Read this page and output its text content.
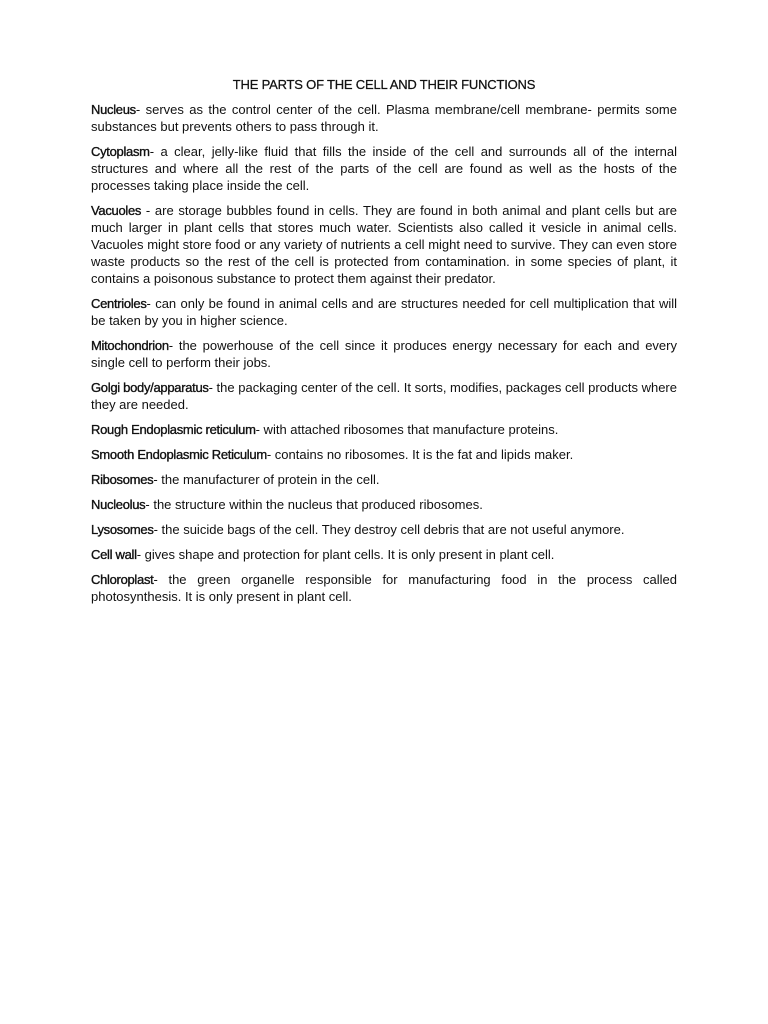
THE PARTS OF THE CELL AND THEIR FUNCTIONS

Nucleus- serves as the control center of the cell. Plasma membrane/cell membrane- permits some substances but prevents others to pass through it.

Cytoplasm- a clear, jelly-like fluid that fills the inside of the cell and surrounds all of the internal structures and where all the rest of the parts of the cell are found as well as the hosts of the processes taking place inside the cell.

Vacuoles - are storage bubbles found in cells. They are found in both animal and plant cells but are much larger in plant cells that stores much water. Scientists also called it vesicle in animal cells. Vacuoles might store food or any variety of nutrients a cell might need to survive. They can even store waste products so the rest of the cell is protected from contamination. in some species of plant, it contains a poisonous substance to protect them against their predator.

Centrioles- can only be found in animal cells and are structures needed for cell multiplication that will be taken by you in higher science.

Mitochondrion- the powerhouse of the cell since it produces energy necessary for each and every single cell to perform their jobs.

Golgi body/apparatus- the packaging center of the cell. It sorts, modifies, packages cell products where they are needed.

Rough Endoplasmic reticulum- with attached ribosomes that manufacture proteins.

Smooth Endoplasmic Reticulum- contains no ribosomes. It is the fat and lipids maker.

Ribosomes- the manufacturer of protein in the cell.

Nucleolus- the structure within the nucleus that produced ribosomes.

Lysosomes- the suicide bags of the cell. They destroy cell debris that are not useful anymore.

Cell wall- gives shape and protection for plant cells. It is only present in plant cell.

Chloroplast- the green organelle responsible for manufacturing food in the process called photosynthesis. It is only present in plant cell.
